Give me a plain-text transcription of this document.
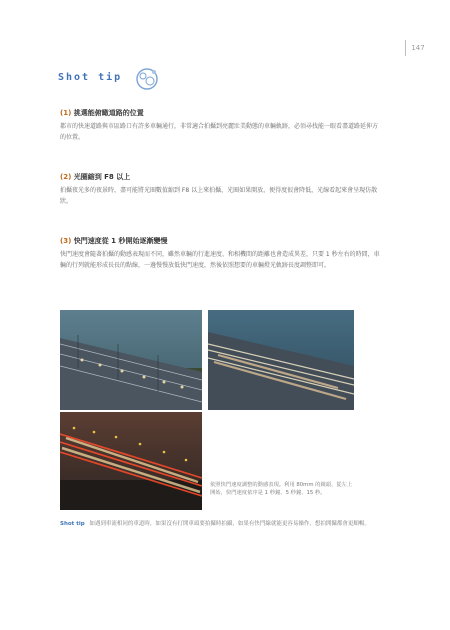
147
Shot tip
(1) 挑選能俯瞰道路的位置
都市的快速道路與市區路口有許多車輛通行，非常適合拍攝到亮麗壯美動態的車輛軌跡，必須尋找能一眼看盡道路延伸方的位置。
(2) 光圈縮到 F8 以上
拍攝夜光多的夜景時，盡可能將光圈數值縮到 F8 以上來拍攝，光圈如果開放，便得度很會降低，光線看起來會呈現仿散狀。
(3) 快門速度從 1 秒開始逐漸變慢
快門速度會隨著拍攝的動感表現而不同，雖然車輛的行進速度、和相機間的距離也會造成異差，只要 1 秒左右的時間，車輛的行列就能形成長長的點線，一邊慢慢放低快門速度，然後依照想要的車輛燈光軌跡長度調整即可。
依照快門速度調整的動感表現。利用 80mm 的鏡頭，從左上開始，快門速度依序是 1 秒鐘、5 秒鐘、15 秒。
Shot tip 如遇到車流相同的車道時，如果沒有打開車頭要拍攝時拍攝，如果有快門線就能更容易操作，想拍開攝都會更順暢。
